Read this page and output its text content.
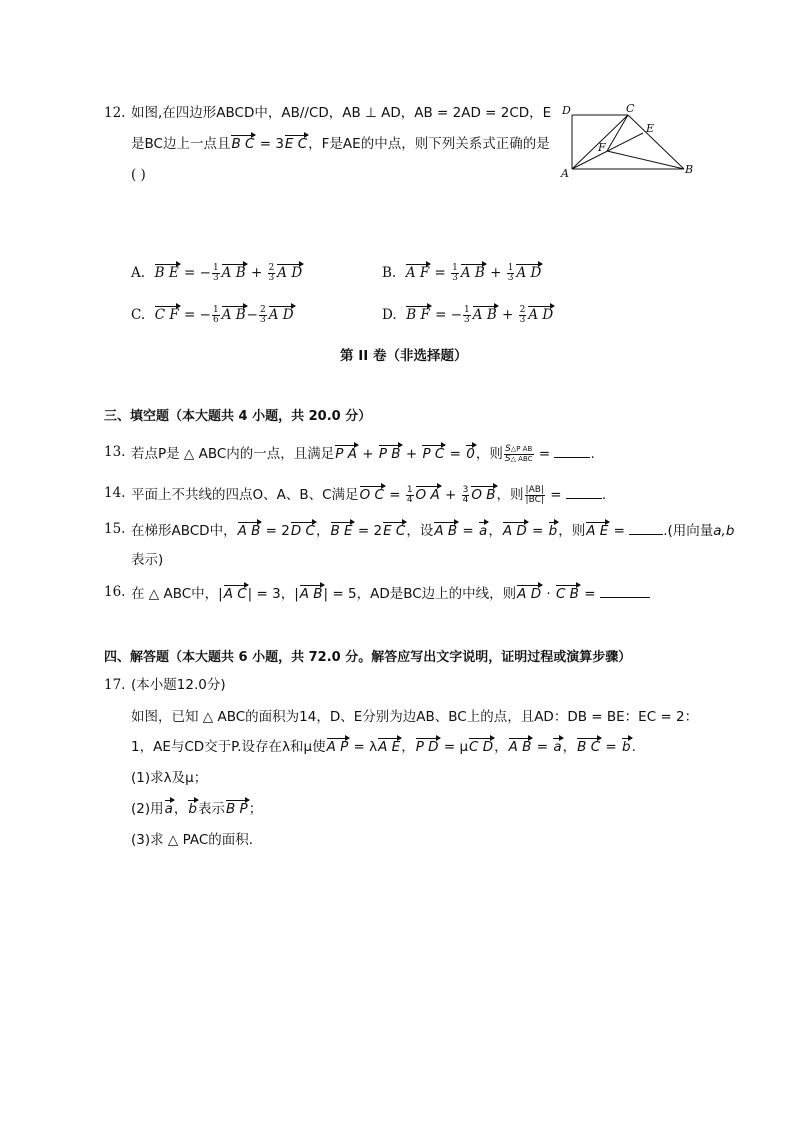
12. 如图,在四边形ABCD中，AB//CD，AB ⊥ AD，AB = 2AD = 2CD，E
是BC边上一点且B C = 3E C，F是AE的中点，则下列关系式正确的是
( )
D	C
E
F
A	B
A. B E = − $\frac{1}{3}$ A $B + \frac{2}{3}$ A D	B. A $F = \frac{1}{3}$ A $B + \frac{1}{3}$ A D
C. C F = − $\frac{1}{6}$ A $B- \frac{2}{3}$ A D	D. B F = − $\frac{1}{3}$ A $B + \frac{2}{3}$ A D
第 II 卷（非选择题）
三、填空题（本大题共 4 小题，共 20.0 分）
13. 若点P是 △ ABC内的一点，且满足P A + P B + P C = 0，则 $\frac{\text{S△P AB}}{\text{S△ ABC}}$ =	.
14. 平面上不共线的四点O、A、B、C满足O $C = \frac{1}{4}$ O $A + \frac{3}{4}$ O B，则 $\frac{|AB|}{|BC|}$ =	.
15. 在梯形ABCD中，A B = 2D C，B E = 2E C，设A B = a，A D = b，则A E =	.(用向量a,b
表示)
16. 在 △ ABC中，|A C| = 3，|A B| = 5，AD是BC边上的中线，则A D · C B =
四、解答题（本大题共 6 小题，共 72.0 分。解答应写出文字说明，证明过程或演算步骤）
17. (本小题12.0分)
如图，已知 △ ABC的面积为14，D、E分别为边AB、BC上的点，且AD：DB = BE：EC = 2：
1，AE与CD交于P.设存在λ和μ使A P = λA E，P D = μC D，A B = a，B C = b.
(1)求λ及μ；
(2)用a，b表示B P；
(3)求 △ PAC的面积．
